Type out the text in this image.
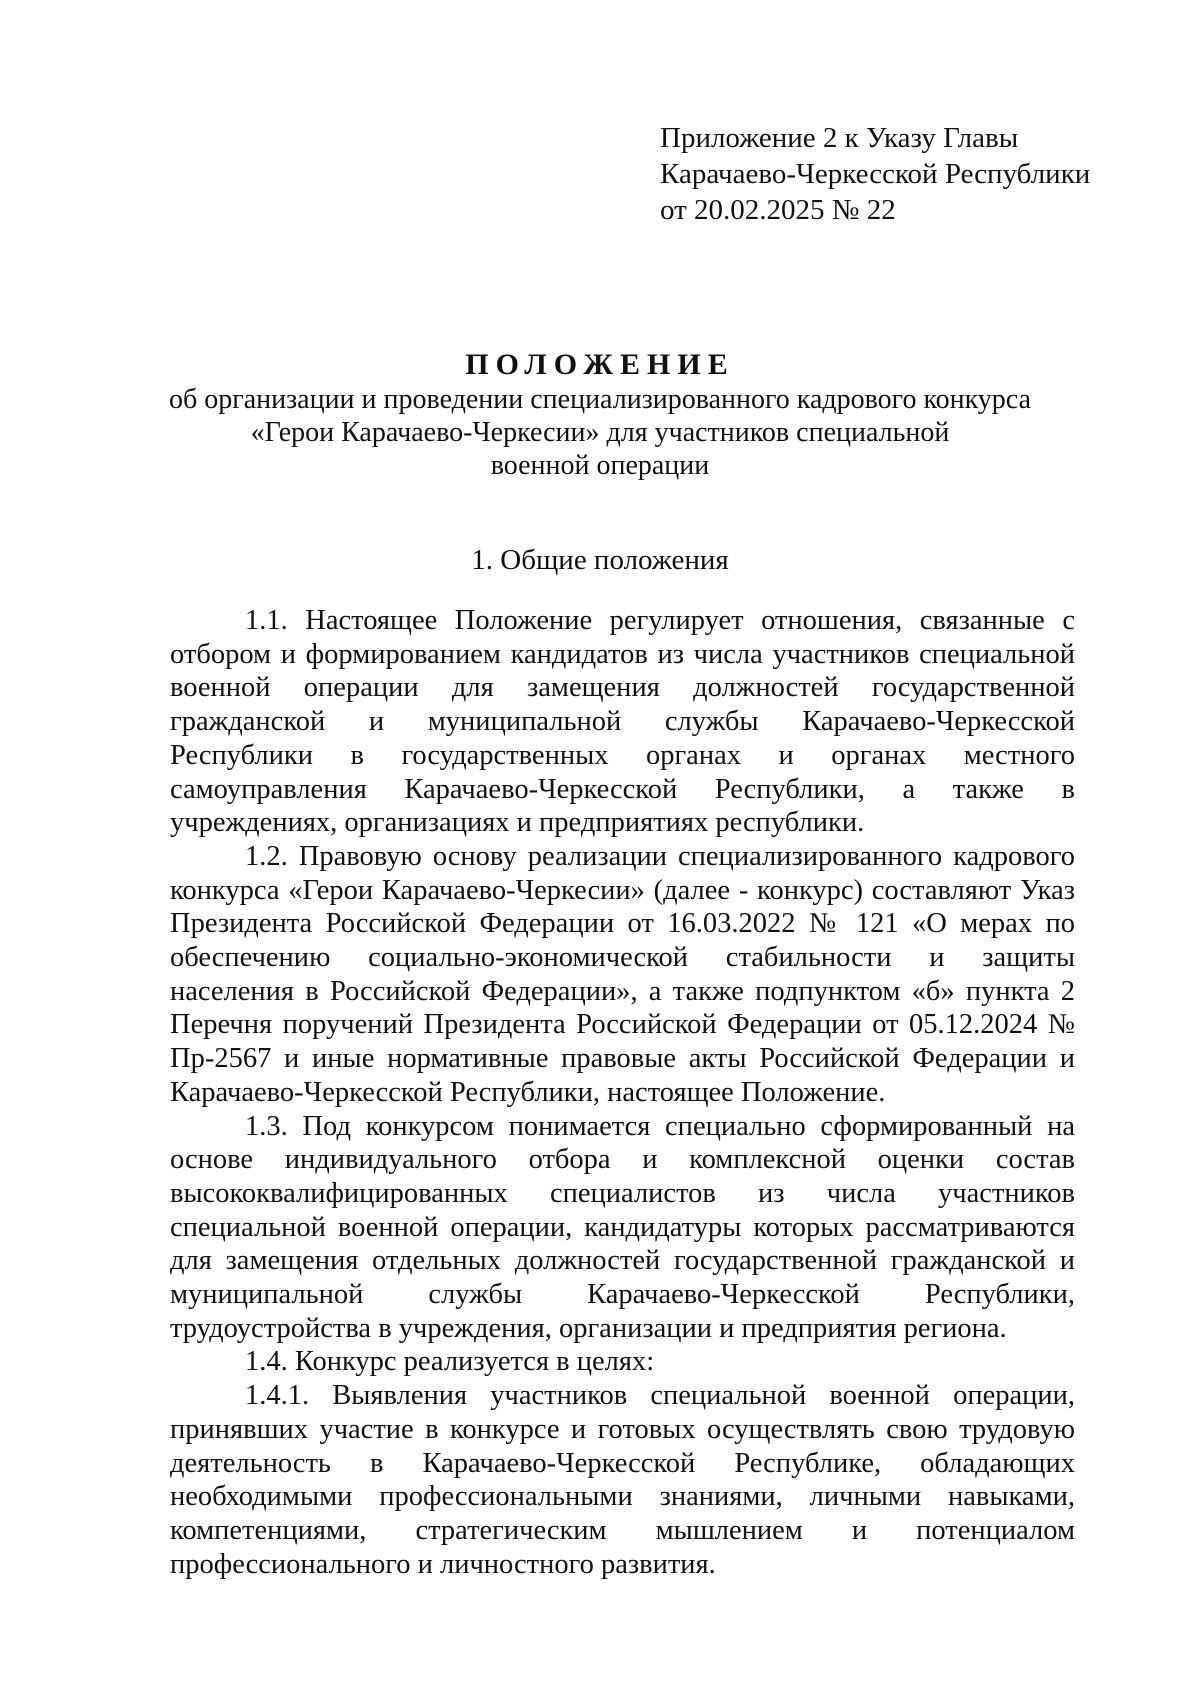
Приложение 2 к Указу Главы
Карачаево-Черкесской Республики
от 20.02.2025 № 22
ПОЛОЖЕНИЕ
об организации и проведении специализированного кадрового конкурса
«Герои Карачаево-Черкесии» для участников специальной
военной операции
1. Общие положения

1.1. Настоящее Положение регулирует отношения, связанные с отбором и формированием кандидатов из числа участников специальной военной операции для замещения должностей государственной гражданской и муниципальной службы Карачаево-Черкесской Республики в государственных органах и органах местного самоуправления Карачаево-Черкесской Республики, а также в учреждениях, организациях и предприятиях республики.

1.2. Правовую основу реализации специализированного кадрового конкурса «Герои Карачаево-Черкесии» (далее - конкурс) составляют Указ Президента Российской Федерации от 16.03.2022 № 121 «О мерах по обеспечению социально-экономической стабильности и защиты населения в Российской Федерации», а также подпунктом «б» пункта 2 Перечня поручений Президента Российской Федерации от 05.12.2024 № Пр-2567 и иные нормативные правовые акты Российской Федерации и Карачаево-Черкесской Республики, настоящее Положение.

1.3. Под конкурсом понимается специально сформированный на основе индивидуального отбора и комплексной оценки состав высококвалифицированных специалистов из числа участников специальной военной операции, кандидатуры которых рассматриваются для замещения отдельных должностей государственной гражданской и муниципальной службы Карачаево-Черкесской Республики, трудоустройства в учреждения, организации и предприятия региона.

1.4. Конкурс реализуется в целях:

1.4.1. Выявления участников специальной военной операции, принявших участие в конкурсе и готовых осуществлять свою трудовую деятельность в Карачаево-Черкесской Республике, обладающих необходимыми профессиональными знаниями, личными навыками, компетенциями, стратегическим мышлением и потенциалом профессионального и личностного развития.
